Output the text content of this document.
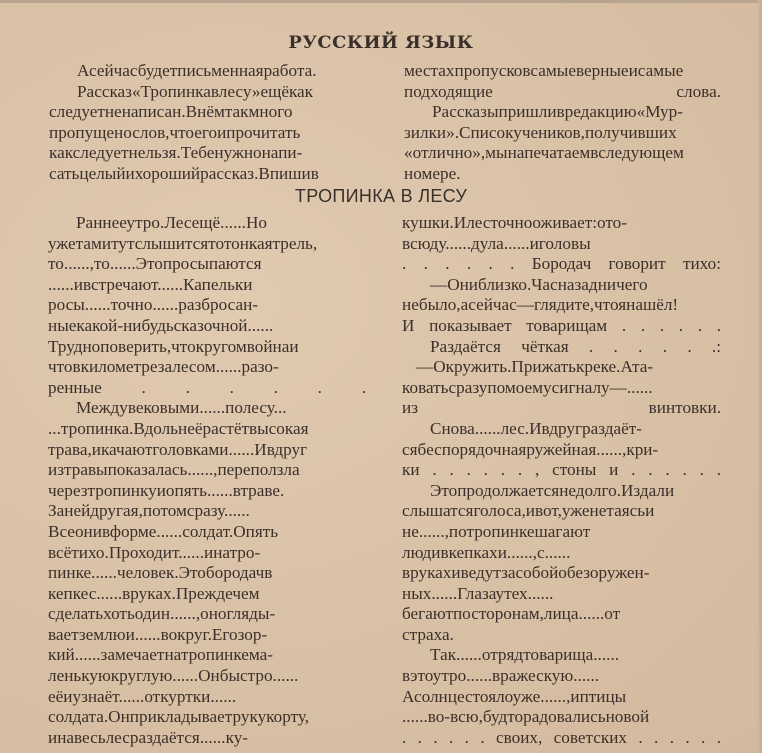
РУССКИЙ ЯЗЫК
Асейчасбудетписьменнаяработа.
Рассказ«Тропинкавлесу»ещёкак
следуетненаписан.Внёмтакмного
пропущенослов,чтоегоипрочитать
какследуетнельзя.Тебенужнонапи-
сатьцелыйихорошийрассказ.Впишив
местахпропусковсамыеверныеисамые
подходящие слова.
Рассказыпришливредакцию«Мур-
зилки».Списокучеников,получивших
«отлично»,мынапечатаемвследующем
номере.
ТРОПИНКА В ЛЕСУ
Раннееутро.Лесещё......Но
ужетамитутслышитсятотонкаятрель,
то......,то......Этопросыпаются
......ивстречают......Капельки
росы......точно......разбросан-
ныекакой-нибудьсказочной......
Трудноповерить,чтокругомвойнаи
чтовкилометрезалесом......разо-
ренные . . . . . .
Междувековыми......полесу...
...тропинка.Вдольнеёрастётвысокая
трава,икачаютголовками......Ивдруг
изтравыпоказалась......,переползла
черезтропинкуиопять......втраве.
Занейдругая,потомсразу......
Всеонивформе......солдат.Опять
всётихо.Проходит......инатро-
пинке......человек.Этобородачв
кепкес......вруках.Преждечем
сделатьхотьодин......,оногляды-
ваетземлюи......вокруг.Егозор-
кий......замечаетнатропинкема-
ленькуюкруглую......Онбыстро......
еёиузнаёт......откуртки......
солдата.Онприкладываетрукукорту,
инавесьлесраздаётся......ку-
кушки.Илесточнооживает:ото-
всюду......дула......иголовы
. . . . . . Бородач говорит тихо:
—Ониблизко.Часназадничего
небыло,асейчас—глядите,чтоянашёл!
И показывает товарищам . . . . . .
Раздаётся чёткая . . . . . .:
—Окружить.Прижатькреке.Ата-
коватьсразупомоемусигналу—......
из винтовки.
Снова......лес.Ивдруграздаёт-
сябеспорядочнаяружейная......,кри-
ки . . . . . . , стоны и . . . . . .
Этопродолжаетсянедолго.Издали
слышатсяголоса,ивот,уженетаясьи
не......,потропинкешагают
людивкепкахи......,с......
врукахиведутзасобойобезоружен-
ных......Глазаутех......
бегаютпосторонам,лица......от
страха.
Так......отрядтоварища......
вэтоутро......вражескую......
Асолнцестоялоуже......,иптицы
......во-всю,будторадовалисьновой
. . . . . . своих, советских . . . . . .
